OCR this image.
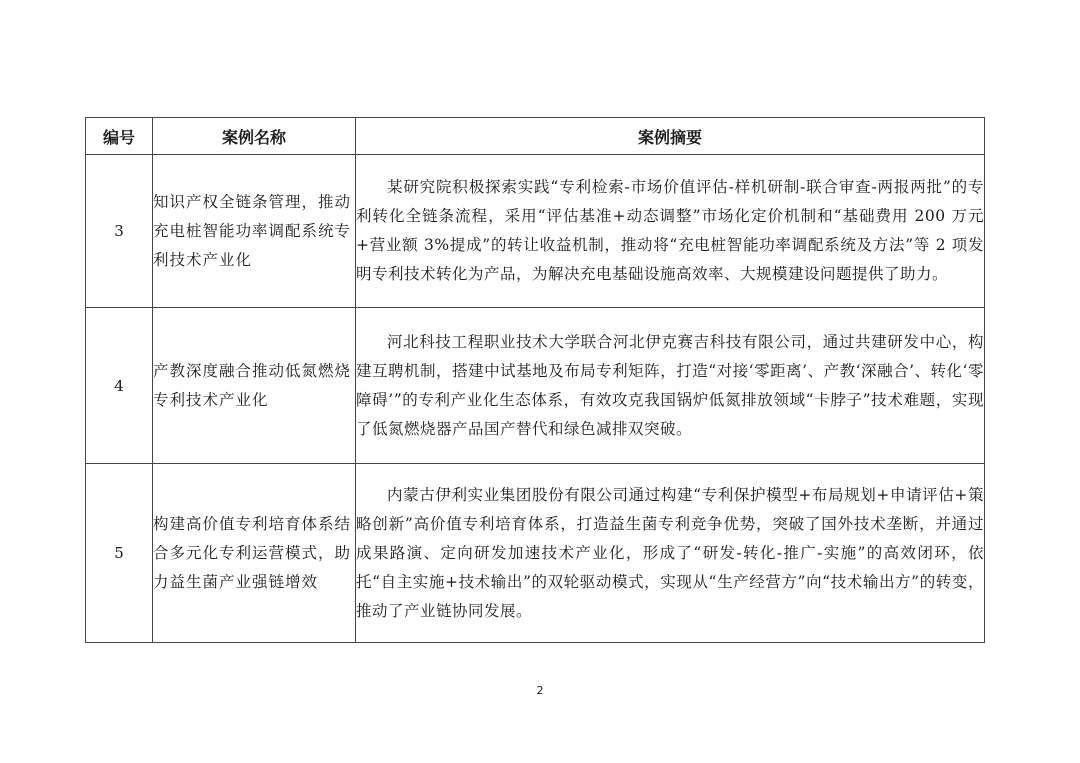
编号	案例名称	案例摘要
3	知识产权全链条管理，推动充电桩智能功率调配系统专利技术产业化	某研究院积极探索实践“专利检索-市场价值评估-样机研制-联合审查-两报两批”的专利转化全链条流程，采用“评估基准+动态调整”市场化定价机制和“基础费用 200 万元+营业额 3%提成”的转让收益机制，推动将“充电桩智能功率调配系统及方法”等 2 项发明专利技术转化为产品，为解决充电基础设施高效率、大规模建设问题提供了助力。
4	产教深度融合推动低氮燃烧专利技术产业化	河北科技工程职业技术大学联合河北伊克赛吉科技有限公司，通过共建研发中心，构建互聘机制，搭建中试基地及布局专利矩阵，打造“对接‘零距离’、产教‘深融合’、转化‘零障碍’”的专利产业化生态体系，有效攻克我国锅炉低氮排放领域“卡脖子”技术难题，实现了低氮燃烧器产品国产替代和绿色减排双突破。
5	构建高价值专利培育体系结合多元化专利运营模式，助力益生菌产业强链增效	内蒙古伊利实业集团股份有限公司通过构建“专利保护模型+布局规划+申请评估+策略创新”高价值专利培育体系，打造益生菌专利竞争优势，突破了国外技术垄断，并通过成果路演、定向研发加速技术产业化，形成了“研发-转化-推广-实施”的高效闭环，依托“自主实施+技术输出”的双轮驱动模式，实现从“生产经营方”向“技术输出方”的转变，推动了产业链协同发展。
2
